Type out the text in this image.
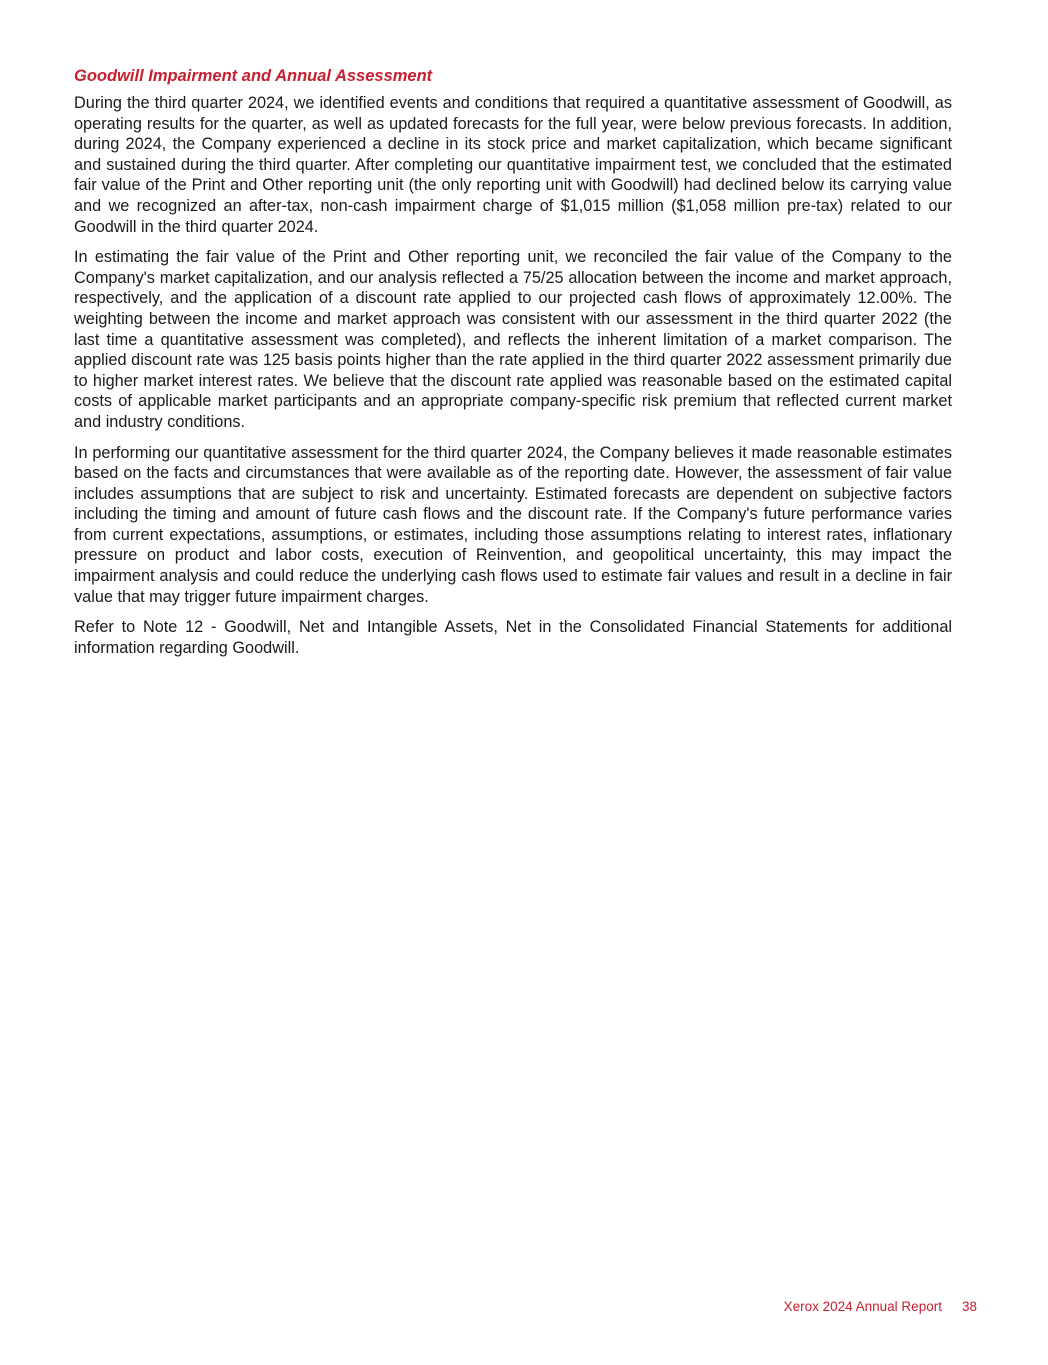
Goodwill Impairment and Annual Assessment

During the third quarter 2024, we identified events and conditions that required a quantitative assessment of Goodwill, as operating results for the quarter, as well as updated forecasts for the full year, were below previous forecasts. In addition, during 2024, the Company experienced a decline in its stock price and market capitalization, which became significant and sustained during the third quarter. After completing our quantitative impairment test, we concluded that the estimated fair value of the Print and Other reporting unit (the only reporting unit with Goodwill) had declined below its carrying value and we recognized an after-tax, non-cash impairment charge of $1,015 million ($1,058 million pre-tax) related to our Goodwill in the third quarter 2024.

In estimating the fair value of the Print and Other reporting unit, we reconciled the fair value of the Company to the Company's market capitalization, and our analysis reflected a 75/25 allocation between the income and market approach, respectively, and the application of a discount rate applied to our projected cash flows of approximately 12.00%. The weighting between the income and market approach was consistent with our assessment in the third quarter 2022 (the last time a quantitative assessment was completed), and reflects the inherent limitation of a market comparison. The applied discount rate was 125 basis points higher than the rate applied in the third quarter 2022 assessment primarily due to higher market interest rates. We believe that the discount rate applied was reasonable based on the estimated capital costs of applicable market participants and an appropriate company-specific risk premium that reflected current market and industry conditions.

In performing our quantitative assessment for the third quarter 2024, the Company believes it made reasonable estimates based on the facts and circumstances that were available as of the reporting date. However, the assessment of fair value includes assumptions that are subject to risk and uncertainty. Estimated forecasts are dependent on subjective factors including the timing and amount of future cash flows and the discount rate. If the Company's future performance varies from current expectations, assumptions, or estimates, including those assumptions relating to interest rates, inflationary pressure on product and labor costs, execution of Reinvention, and geopolitical uncertainty, this may impact the impairment analysis and could reduce the underlying cash flows used to estimate fair values and result in a decline in fair value that may trigger future impairment charges.

Refer to Note 12 - Goodwill, Net and Intangible Assets, Net in the Consolidated Financial Statements for additional information regarding Goodwill.

Xerox 2024 Annual Report 38
